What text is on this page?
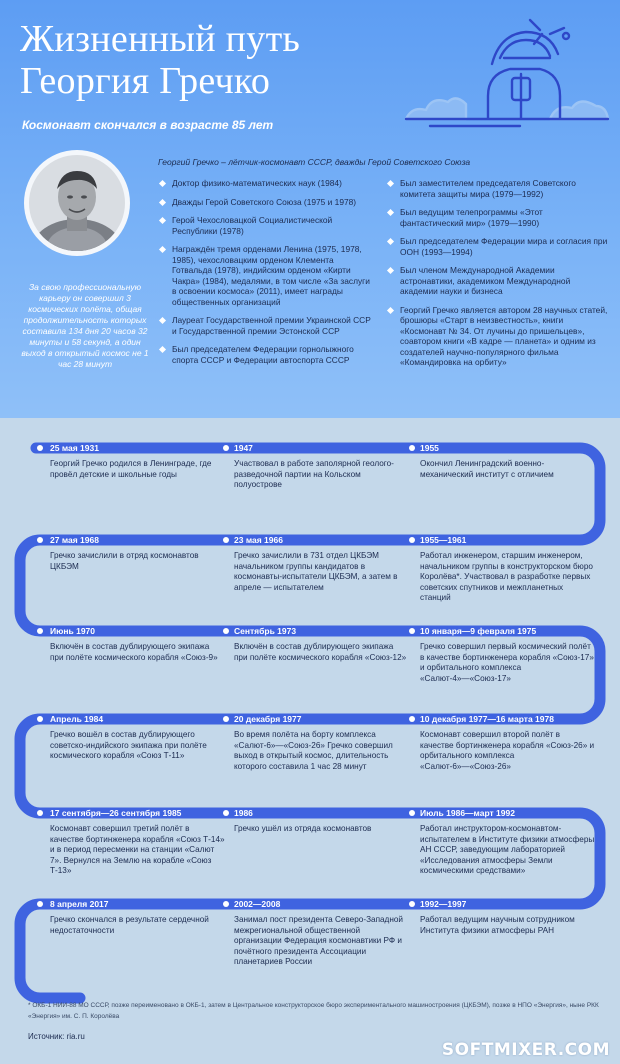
Жизненный путь
Георгия Гречко
Космонавт скончался в возрасте 85 лет
За свою профессиональную карьеру он совершил 3 космических полёта, общая продолжительность которых составила 134 дня 20 часов 32 минуты и 58 секунд, а один выход в открытый космос не 1 час 28 минут
Георгий Гречко – лётчик-космонавт СССР, дважды Герой Советского Союза
Доктор физико-математических наук (1984)
Дважды Герой Советского Союза (1975 и 1978)
Герой Чехословацкой Социалистической Республики (1978)
Награждён тремя орденами Ленина (1975, 1978, 1985), чехословацким орденом Клемента Готвальда (1978), индийским орденом «Кирти Чакра» (1984), медалями, в том числе «За заслуги в освоении космоса» (2011), имеет награды общественных организаций
Лауреат Государственной премии Украинской ССР и Государственной премии Эстонской ССР
Был председателем Федерации горнолыжного спорта СССР и Федерации автоспорта СССР
Был заместителем председателя Советского комитета защиты мира (1979—1992)
Был ведущим телепрограммы «Этот фантастический мир» (1979—1990)
Был председателем Федерации мира и согласия при ООН (1993—1994)
Был членом Международной Академии астронавтики, академиком Международной академии науки и бизнеса
Георгий Гречко является автором 28 научных статей, брошюры «Старт в неизвестность», книги «Космонавт № 34. От лучины до пришельцев», соавтором книги «В кадре — планета» и одним из создателей научно-популярного фильма «Командировка на орбиту»
25 мая 1931
Георгий Гречко родился в Ленинграде, где провёл детские и школьные годы
1947
Участвовал в работе заполярной геолого-разведочной партии на Кольском полуострове
1955
Окончил Ленинградский военно-механический институт с отличием
27 мая 1968
Гречко зачислили в отряд космонавтов ЦКБЭМ
23 мая 1966
Гречко зачислили в 731 отдел ЦКБЭМ начальником группы кандидатов в космонавты-испытатели ЦКБЭМ, а затем в апреле — испытателем
1955—1961
Работал инженером, старшим инженером, начальником группы в конструкторском бюро Королёва*. Участвовал в разработке первых советских спутников и межпланетных станций
Июнь 1970
Включён в состав дублирующего экипажа при полёте космического корабля «Союз-9»
Сентябрь 1973
Включён в состав дублирующего экипажа при полёте космического корабля «Союз-12»
10 января—9 февраля 1975
Гречко совершил первый космический полёт в качестве бортинженера корабля «Союз-17» и орбитального комплекса «Салют-4»—«Союз-17»
Апрель 1984
Гречко вошёл в состав дублирующего советско-индийского экипажа при полёте космического корабля «Союз Т-11»
20 декабря 1977
Во время полёта на борту комплекса «Салют-6»—«Союз-26» Гречко совершил выход в открытый космос, длительность которого составила 1 час 28 минут
10 декабря 1977—16 марта 1978
Космонавт совершил второй полёт в качестве бортинженера корабля «Союз-26» и орбитального комплекса «Салют-6»—«Союз-26»
17 сентября—26 сентября 1985
Космонавт совершил третий полёт в качестве бортинженера корабля «Союз Т-14» и в период пересменки на станции «Салют 7». Вернулся на Землю на корабле «Союз Т-13»
1986
Гречко ушёл из отряда космонавтов
Июль 1986—март 1992
Работал инструктором-космонавтом-испытателем в Институте физики атмосферы АН СССР, заведующим лабораторией «Исследования атмосферы Земли космическими средствами»
8 апреля 2017
Гречко скончался в результате сердечной недостаточности
2002—2008
Занимал пост президента Северо-Западной межрегиональной общественной организации Федерация космонавтики РФ и почётного президента Ассоциации планетариев России
1992—1997
Работал ведущим научным сотрудником Института физики атмосферы РАН
* ОКБ-1 НИИ-88 МО СССР, позже переименовано в ОКБ-1, затем в Центральное конструкторское бюро экспериментального машиностроения (ЦКБЭМ), позже в НПО «Энергия», ныне РКК «Энергия» им. С. П. Королёва
Источник: ria.ru
SOFTMIXER.COM
